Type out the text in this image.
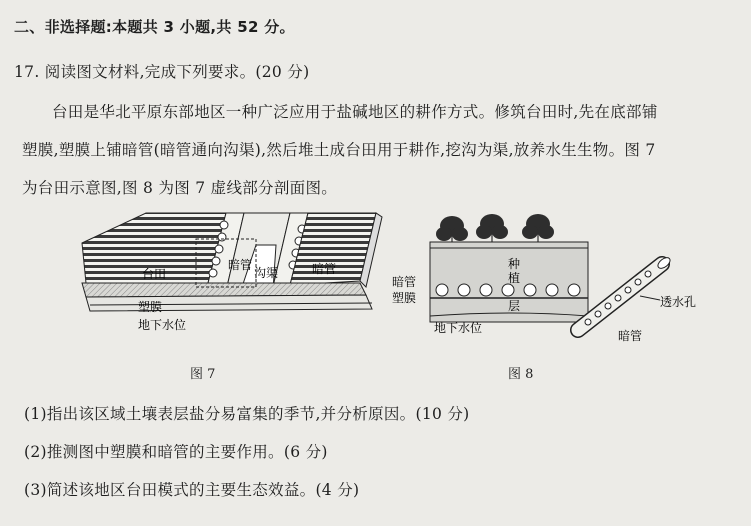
二、非选择题:本题共 3 小题,共 52 分。
17. 阅读图文材料,完成下列要求。(20 分)
台田是华北平原东部地区一种广泛应用于盐碱地区的耕作方式。修筑台田时,先在底部铺
塑膜,塑膜上铺暗管(暗管通向沟渠),然后堆土成台田用于耕作,挖沟为渠,放养水生生物。图 7
为台田示意图,图 8 为图 7 虚线部分剖面图。
台田
暗管
沟渠	暗管
塑膜
地下水位
图 7
种
植
层
暗管
塑膜
地下水位
透水孔
暗管
图 8
(1)指出该区域土壤表层盐分易富集的季节,并分析原因。(10 分)
(2)推测图中塑膜和暗管的主要作用。(6 分)
(3)简述该地区台田模式的主要生态效益。(4 分)
